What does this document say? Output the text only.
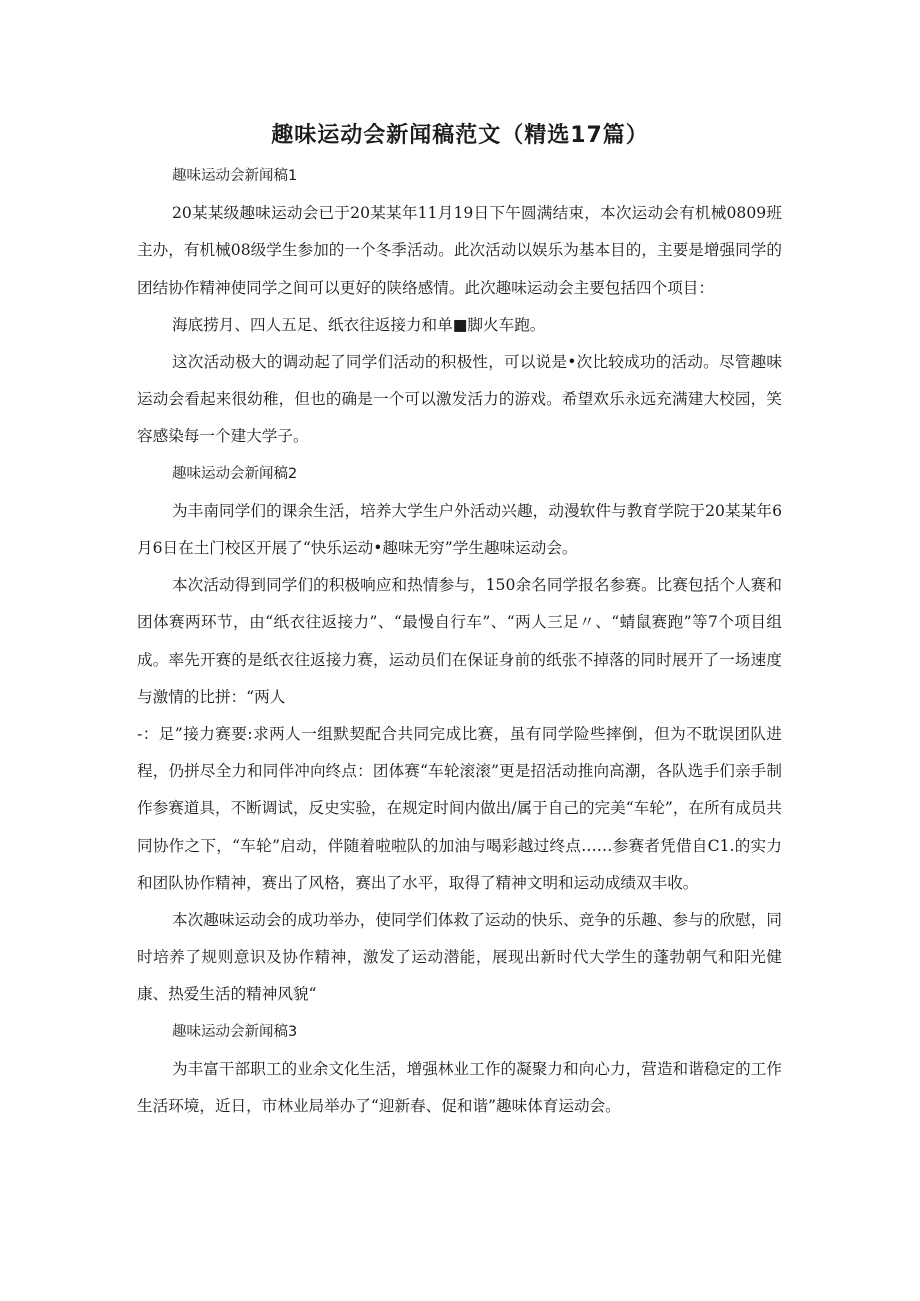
趣味运动会新闻稿范文（精选17篇）

趣味运动会新闻稿1

20某某级趣味运动会已于20某某年11月19日下午圆满结束，本次运动会有机械0809班主办，有机械08级学生参加的一个冬季活动。此次活动以娱乐为基本目的，主要是增强同学的团结协作精神使同学之间可以更好的陕络感情。此次趣味运动会主要包括四个项目：

海底捞月、四人五足、纸衣往返接力和单■脚火车跑。

这次活动极大的调动起了同学们活动的积极性，可以说是•次比较成功的活动。尽管趣味运动会看起来很幼稚，但也的确是一个可以激发活力的游戏。希望欢乐永远充满建大校园，笑容感染每一个建大学子。

趣味运动会新闻稿2

为丰南同学们的课余生活，培养大学生户外活动兴趣，动漫软件与教育学院于20某某年6月6日在土门校区开展了“快乐运动•趣味无穷”学生趣味运动会。

本次活动得到同学们的积极响应和热情参与，150余名同学报名参赛。比赛包括个人赛和团体赛两环节，由“纸衣往返接力”、“最慢自行车”、“两人三足〃、“蜻鼠赛跑”等7个项目组成。率先开赛的是纸衣往返接力赛，运动员们在保证身前的纸张不掉落的同时展开了一场速度与激情的比拼：“两人

-：足”接力赛要:求两人一组默契配合共同完成比赛，虽有同学险些摔倒，但为不耽误团队进程，仍拼尽全力和同伴冲向终点：团体赛“车轮滚滚”更是招活动推向高潮，各队选手们亲手制作参赛道具，不断调试，反史实验，在规定时间内做出/属于自己的完美“车轮”，在所有成员共同协作之下，“车轮”启动，伴随着啦啦队的加油与喝彩越过终点……参赛者凭借自C1.的实力和团队协作精神，赛出了风格，赛出了水平，取得了精神文明和运动成绩双丰收。

本次趣味运动会的成功举办，使同学们体救了运动的快乐、竞争的乐趣、参与的欣慰，同时培养了规则意识及协作精神，激发了运动潜能，展现出新时代大学生的蓬勃朝气和阳光健康、热爱生活的精神风貌“

趣味运动会新闻稿3

为丰富干部职工的业余文化生活，增强林业工作的凝聚力和向心力，营造和谐稳定的工作生活环境，近日，市林业局举办了“迎新春、促和谐”趣味体育运动会。
